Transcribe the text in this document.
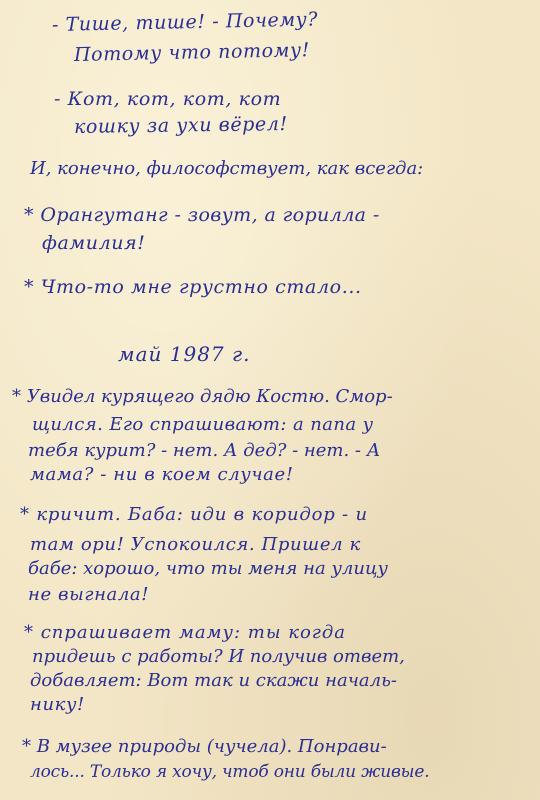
- Тише, тише! - Почему?
Потому что потому!
- Кот, кот, кот, кот
кошку за ухи вёрел!
И, конечно, философствует, как всегда:
* Орангутанг - зовут, а горилла -
фамилия!
* Что-то мне грустно стало...
май 1987 г.
* Увидел курящего дядю Костю. Смор-
щился. Его спрашивают: а папа у
тебя курит? - нет. А дед? - нет. - А
мама? - ни в коем случае!
* кричит. Баба: иди в коридор - и
там ори! Успокоился. Пришел к
бабе: хорошо, что ты меня на улицу
не выгнала!
* спрашивает маму: ты когда
придешь с работы? И получив ответ,
добавляет: Вот так и скажи началь-
нику!
* В музее природы (чучела). Понрави-
лось... Только я хочу, чтоб они были живые.
